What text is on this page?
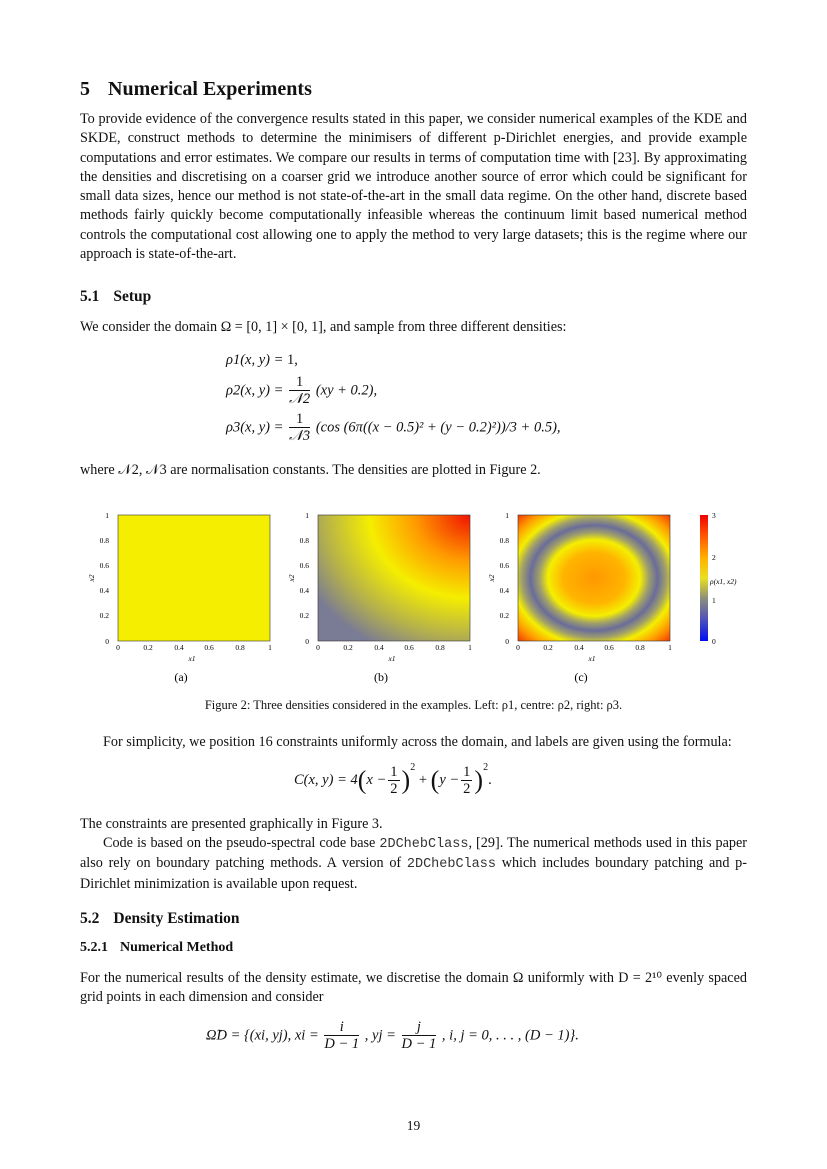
5 Numerical Experiments

To provide evidence of the convergence results stated in this paper, we consider numerical examples of the KDE and SKDE, construct methods to determine the minimisers of different p-Dirichlet energies, and provide example computations and error estimates. We compare our results in terms of computation time with [23]. By approximating the densities and discretising on a coarser grid we introduce another source of error which could be significant for small data sizes, hence our method is not state-of-the-art in the small data regime. On the other hand, discrete based methods fairly quickly become computationally infeasible whereas the continuum limit based numerical method controls the computational cost allowing one to apply the method to very large datasets; this is the regime where our approach is state-of-the-art.

5.1 Setup

We consider the domain Ω = [0, 1] × [0, 1], and sample from three different densities:

ρ1(x, y) = 1,
ρ2(x, $y) = \frac{1}{\text{𝒩2}} (xy + 0.2)$,
ρ3(x, $y) = \frac{1}{\text{𝒩3}} (\cos$ (6π((x − 0.5)² + (y − 0.2)²))/3 + 0.5),

where 𝒩2, 𝒩3 are normalisation constants. The densities are plotted in Figure 2.

1
0.8
0.6
0.4
0.2
0
0	0.2	0.4	0.6	0.8	1
x1
x2
(a)
1
0.8
0.6
0.4
0.2
0
0	0.2	0.4	0.6	0.8	1
x1
x2
(b)
1
0.8
0.6
0.4
0.2
0
0	0.2	0.4	0.6	0.8	1
x1
x2
(c)
3
2
1
0
ρ(x1, x2)
Figure 2: Three densities considered in the examples. Left: ρ1, centre: ρ2, right: ρ3.

For simplicity, we position 16 constraints uniformly across the domain, and labels are given using the formula:

C(x, $y) = 4(x - \frac{1}{2} )^2 + (y - \frac{1}{2} )^2$.

The constraints are presented graphically in Figure 3.

Code is based on the pseudo-spectral code base 2DChebClass, [29]. The numerical methods used in this paper also rely on boundary patching methods. A version of 2DChebClass which includes boundary patching and p-Dirichlet minimization is available upon request.

5.2 Density Estimation
5.2.1 Numerical Method

For the numerical results of the density estimate, we discretise the domain Ω uniformly with D = 2¹⁰ evenly spaced grid points in each dimension and consider

Ω̃D = {(xi, yj), xi = $\frac{i}{D - 1}$ , yj = $\frac{j}{D - 1}$ , i, j = 0, . . . , (D − 1)}.
19
